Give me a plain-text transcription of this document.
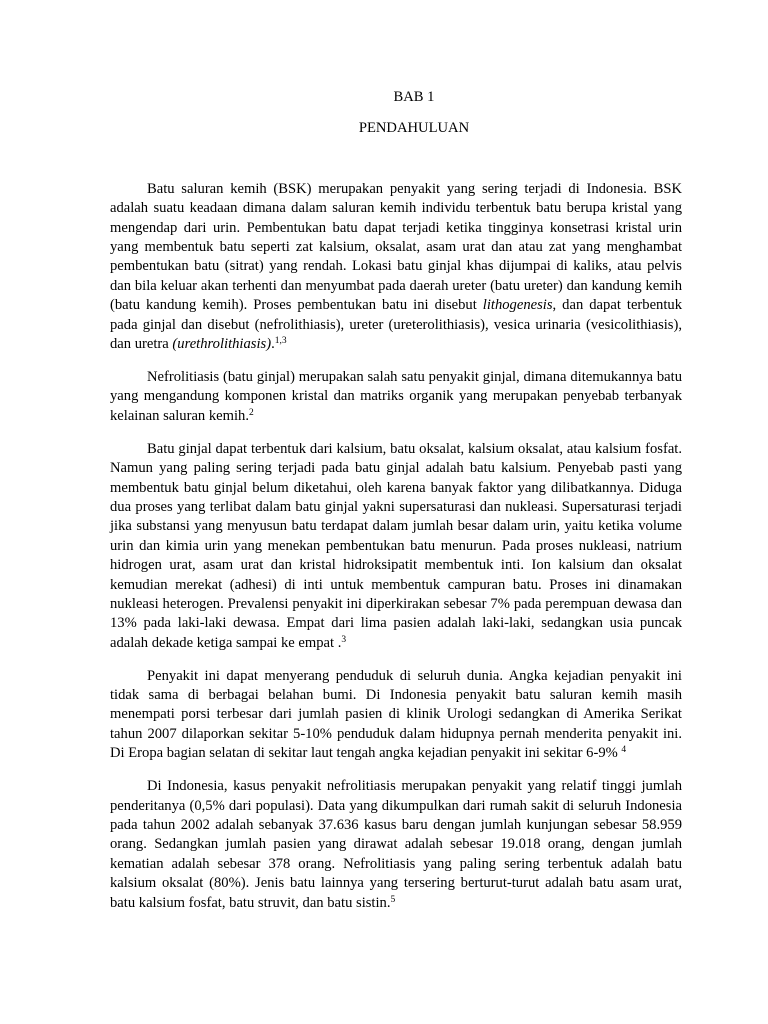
BAB 1
PENDAHULUAN

Batu saluran kemih (BSK) merupakan penyakit yang sering terjadi di Indonesia. BSK adalah suatu keadaan dimana dalam saluran kemih individu terbentuk batu berupa kristal yang mengendap dari urin. Pembentukan batu dapat terjadi ketika tingginya konsetrasi kristal urin yang membentuk batu seperti zat kalsium, oksalat, asam urat dan atau zat yang menghambat pembentukan batu (sitrat) yang rendah. Lokasi batu ginjal khas dijumpai di kaliks, atau pelvis dan bila keluar akan terhenti dan menyumbat pada daerah ureter (batu ureter) dan kandung kemih (batu kandung kemih). Proses pembentukan batu ini disebut lithogenesis, dan dapat terbentuk pada ginjal dan disebut (nefrolithiasis), ureter (ureterolithiasis), vesica urinaria (vesicolithiasis), dan uretra (urethrolithiasis).$^{1,3}$

Nefrolitiasis (batu ginjal) merupakan salah satu penyakit ginjal, dimana ditemukannya batu yang mengandung komponen kristal dan matriks organik yang merupakan penyebab terbanyak kelainan saluran kemih.$^2$

Batu ginjal dapat terbentuk dari kalsium, batu oksalat, kalsium oksalat, atau kalsium fosfat. Namun yang paling sering terjadi pada batu ginjal adalah batu kalsium. Penyebab pasti yang membentuk batu ginjal belum diketahui, oleh karena banyak faktor yang dilibatkannya. Diduga dua proses yang terlibat dalam batu ginjal yakni supersaturasi dan nukleasi. Supersaturasi terjadi jika substansi yang menyusun batu terdapat dalam jumlah besar dalam urin, yaitu ketika volume urin dan kimia urin yang menekan pembentukan batu menurun. Pada proses nukleasi, natrium hidrogen urat, asam urat dan kristal hidroksipatit membentuk inti. Ion kalsium dan oksalat kemudian merekat (adhesi) di inti untuk membentuk campuran batu. Proses ini dinamakan nukleasi heterogen. Prevalensi penyakit ini diperkirakan sebesar 7% pada perempuan dewasa dan 13% pada laki-laki dewasa. Empat dari lima pasien adalah laki-laki, sedangkan usia puncak adalah dekade ketiga sampai ke empat .$^3$

Penyakit ini dapat menyerang penduduk di seluruh dunia. Angka kejadian penyakit ini tidak sama di berbagai belahan bumi. Di Indonesia penyakit batu saluran kemih masih menempati porsi terbesar dari jumlah pasien di klinik Urologi sedangkan di Amerika Serikat tahun 2007 dilaporkan sekitar 5-10% penduduk dalam hidupnya pernah menderita penyakit ini. Di Eropa bagian selatan di sekitar laut tengah angka kejadian penyakit ini sekitar 6-9% $^4$

Di Indonesia, kasus penyakit nefrolitiasis merupakan penyakit yang relatif tinggi jumlah penderitanya (0,5% dari populasi). Data yang dikumpulkan dari rumah sakit di seluruh Indonesia pada tahun 2002 adalah sebanyak 37.636 kasus baru dengan jumlah kunjungan sebesar 58.959 orang. Sedangkan jumlah pasien yang dirawat adalah sebesar 19.018 orang, dengan jumlah kematian adalah sebesar 378 orang. Nefrolitiasis yang paling sering terbentuk adalah batu kalsium oksalat (80%). Jenis batu lainnya yang tersering berturut-turut adalah batu asam urat, batu kalsium fosfat, batu struvit, dan batu sistin.$^5$
